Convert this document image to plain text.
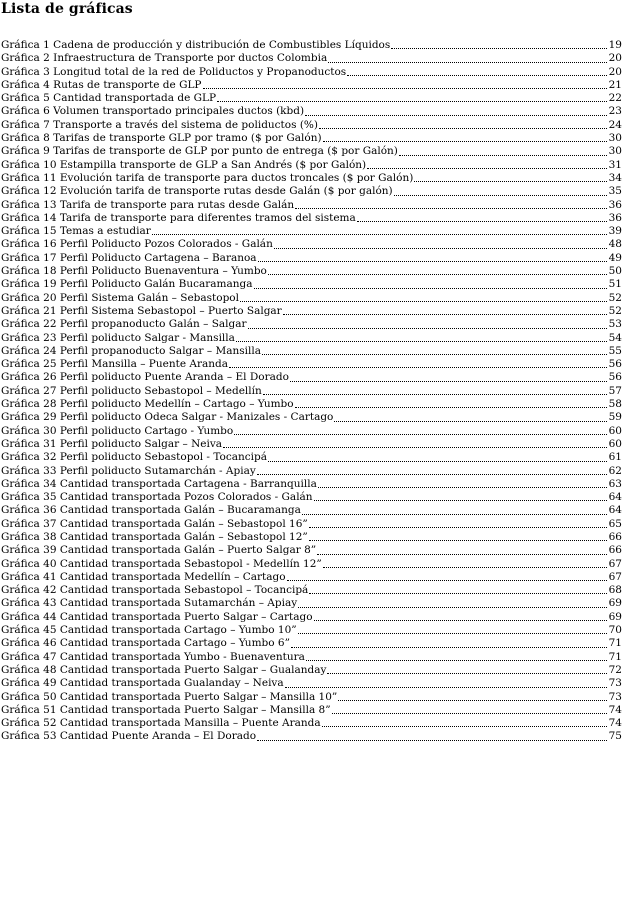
Lista de gráficas
Gráfica 1 Cadena de producción y distribución de Combustibles Líquidos	19
Gráfica 2 Infraestructura de Transporte por ductos Colombia	20
Gráfica 3 Longitud total de la red de Poliductos y Propanoductos	20
Gráfica 4 Rutas de transporte de GLP	21
Gráfica 5 Cantidad transportada de GLP	22
Gráfica 6 Volumen transportado principales ductos (kbd)	23
Gráfica 7 Transporte a través del sistema de poliductos (%)	24
Gráfica 8 Tarifas de transporte GLP por tramo ($ por Galón)	30
Gráfica 9 Tarifas de transporte de GLP por punto de entrega ($ por Galón)	30
Gráfica 10 Estampilla transporte de GLP a San Andrés ($ por Galón)	31
Gráfica 11 Evolución tarifa de transporte para ductos troncales ($ por Galón)	34
Gráfica 12 Evolución tarifa de transporte rutas desde Galán ($ por galón)	35
Gráfica 13 Tarifa de transporte para rutas desde Galán	36
Gráfica 14 Tarifa de transporte para diferentes tramos del sistema	36
Gráfica 15 Temas a estudiar	39
Gráfica 16 Perfil Poliducto Pozos Colorados - Galán	48
Gráfica 17 Perfil Poliducto Cartagena – Baranoa	49
Gráfica 18 Perfil Poliducto Buenaventura – Yumbo	50
Gráfica 19 Perfil Poliducto Galán Bucaramanga	51
Gráfica 20 Perfil Sistema Galán – Sebastopol	52
Gráfica 21 Perfil Sistema Sebastopol – Puerto Salgar	52
Gráfica 22 Perfil propanoducto Galán – Salgar	53
Gráfica 23 Perfil poliducto Salgar - Mansilla	54
Gráfica 24 Perfil propanoducto Salgar – Mansilla	55
Gráfica 25 Perfil Mansilla – Puente Aranda	56
Gráfica 26 Perfil poliducto Puente Aranda – El Dorado	56
Gráfica 27 Perfil poliducto Sebastopol – Medellín	57
Gráfica 28 Perfil poliducto Medellín – Cartago – Yumbo	58
Gráfica 29 Perfil poliducto Odeca Salgar - Manizales - Cartago	59
Gráfica 30 Perfil poliducto Cartago - Yumbo	60
Gráfica 31 Perfil poliducto Salgar – Neiva	60
Gráfica 32 Perfil poliducto Sebastopol - Tocancipá	61
Gráfica 33 Perfil poliducto Sutamarchán - Apiay	62
Gráfica 34 Cantidad transportada Cartagena - Barranquilla	63
Gráfica 35 Cantidad transportada Pozos Colorados - Galán	64
Gráfica 36 Cantidad transportada Galán – Bucaramanga	64
Gráfica 37 Cantidad transportada Galán – Sebastopol 16”	65
Gráfica 38 Cantidad transportada Galán – Sebastopol 12”	66
Gráfica 39 Cantidad transportada Galán – Puerto Salgar 8”	66
Gráfica 40 Cantidad transportada Sebastopol - Medellín 12”	67
Gráfica 41 Cantidad transportada Medellín – Cartago	67
Gráfica 42 Cantidad transportada Sebastopol – Tocancipá	68
Gráfica 43 Cantidad transportada Sutamarchán – Apiay	69
Gráfica 44 Cantidad transportada Puerto Salgar – Cartago	69
Gráfica 45 Cantidad transportada Cartago – Yumbo 10”	70
Gráfica 46 Cantidad transportada Cartago – Yumbo 6”	71
Gráfica 47 Cantidad transportada Yumbo - Buenaventura	71
Gráfica 48 Cantidad transportada Puerto Salgar – Gualanday	72
Gráfica 49 Cantidad transportada Gualanday – Neiva	73
Gráfica 50 Cantidad transportada Puerto Salgar – Mansilla 10”	73
Gráfica 51 Cantidad transportada Puerto Salgar – Mansilla 8”	74
Gráfica 52 Cantidad transportada Mansilla – Puente Aranda	74
Gráfica 53 Cantidad Puente Aranda – El Dorado	75
